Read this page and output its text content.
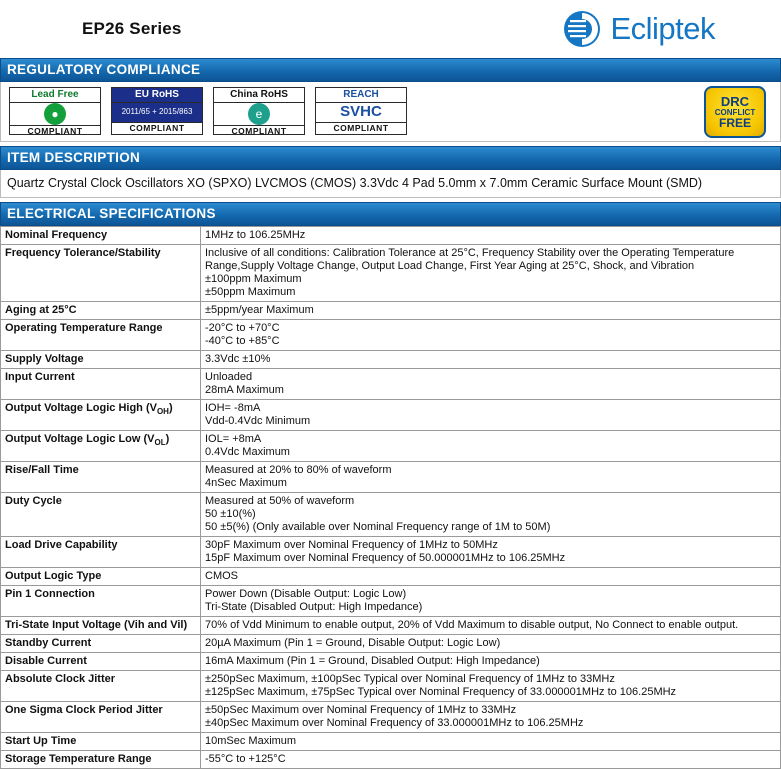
EP26 Series	Ecliptek
REGULATORY COMPLIANCE
Lead Free
●
COMPLIANT
EU RoHS
2011/65 + 2015/863
COMPLIANT
China RoHS
e
COMPLIANT
REACH
SVHC
COMPLIANT
DRC
CONFLICT
FREE
ITEM DESCRIPTION
Quartz Crystal Clock Oscillators XO (SPXO) LVCMOS (CMOS) 3.3Vdc 4 Pad 5.0mm x 7.0mm Ceramic Surface Mount (SMD)
ELECTRICAL SPECIFICATIONS
Nominal Frequency	1MHz to 106.25MHz

Frequency Tolerance/Stability	Inclusive of all conditions: Calibration Tolerance at 25°C, Frequency Stability over the Operating Temperature Range,Supply Voltage Change, Output Load Change, First Year Aging at 25°C, Shock, and Vibration
±100ppm Maximum
±50ppm Maximum

Aging at 25°C	±5ppm/year Maximum

Operating Temperature Range	-20°C to +70°C
-40°C to +85°C

Supply Voltage	3.3Vdc ±10%

Input Current	Unloaded
28mA Maximum

Output Voltage Logic High $(V_{OH})$	IOH= -8mA
Vdd-0.4Vdc Minimum

Output Voltage Logic Low $(V_{OL})$	IOL= +8mA
0.4Vdc Maximum

Rise/Fall Time	Measured at 20% to 80% of waveform
4nSec Maximum

Duty Cycle	Measured at 50% of waveform
50 ±10(%)
50 ±5(%) (Only available over Nominal Frequency range of 1M to 50M)

Load Drive Capability	30pF Maximum over Nominal Frequency of 1MHz to 50MHz
15pF Maximum over Nominal Frequency of 50.000001MHz to 106.25MHz

Output Logic Type	CMOS

Pin 1 Connection	Power Down (Disable Output: Logic Low)
Tri-State (Disabled Output: High Impedance)

Tri-State Input Voltage (Vih and Vil)	70% of Vdd Minimum to enable output, 20% of Vdd Maximum to disable output, No Connect to enable output.

Standby Current	20µA Maximum (Pin 1 = Ground, Disable Output: Logic Low)

Disable Current	16mA Maximum (Pin 1 = Ground, Disabled Output: High Impedance)

Absolute Clock Jitter	±250pSec Maximum, ±100pSec Typical over Nominal Frequency of 1MHz to 33MHz
±125pSec Maximum, ±75pSec Typical over Nominal Frequency of 33.000001MHz to 106.25MHz

One Sigma Clock Period Jitter	±50pSec Maximum over Nominal Frequency of 1MHz to 33MHz
±40pSec Maximum over Nominal Frequency of 33.000001MHz to 106.25MHz

Start Up Time	10mSec Maximum

Storage Temperature Range	-55°C to +125°C
